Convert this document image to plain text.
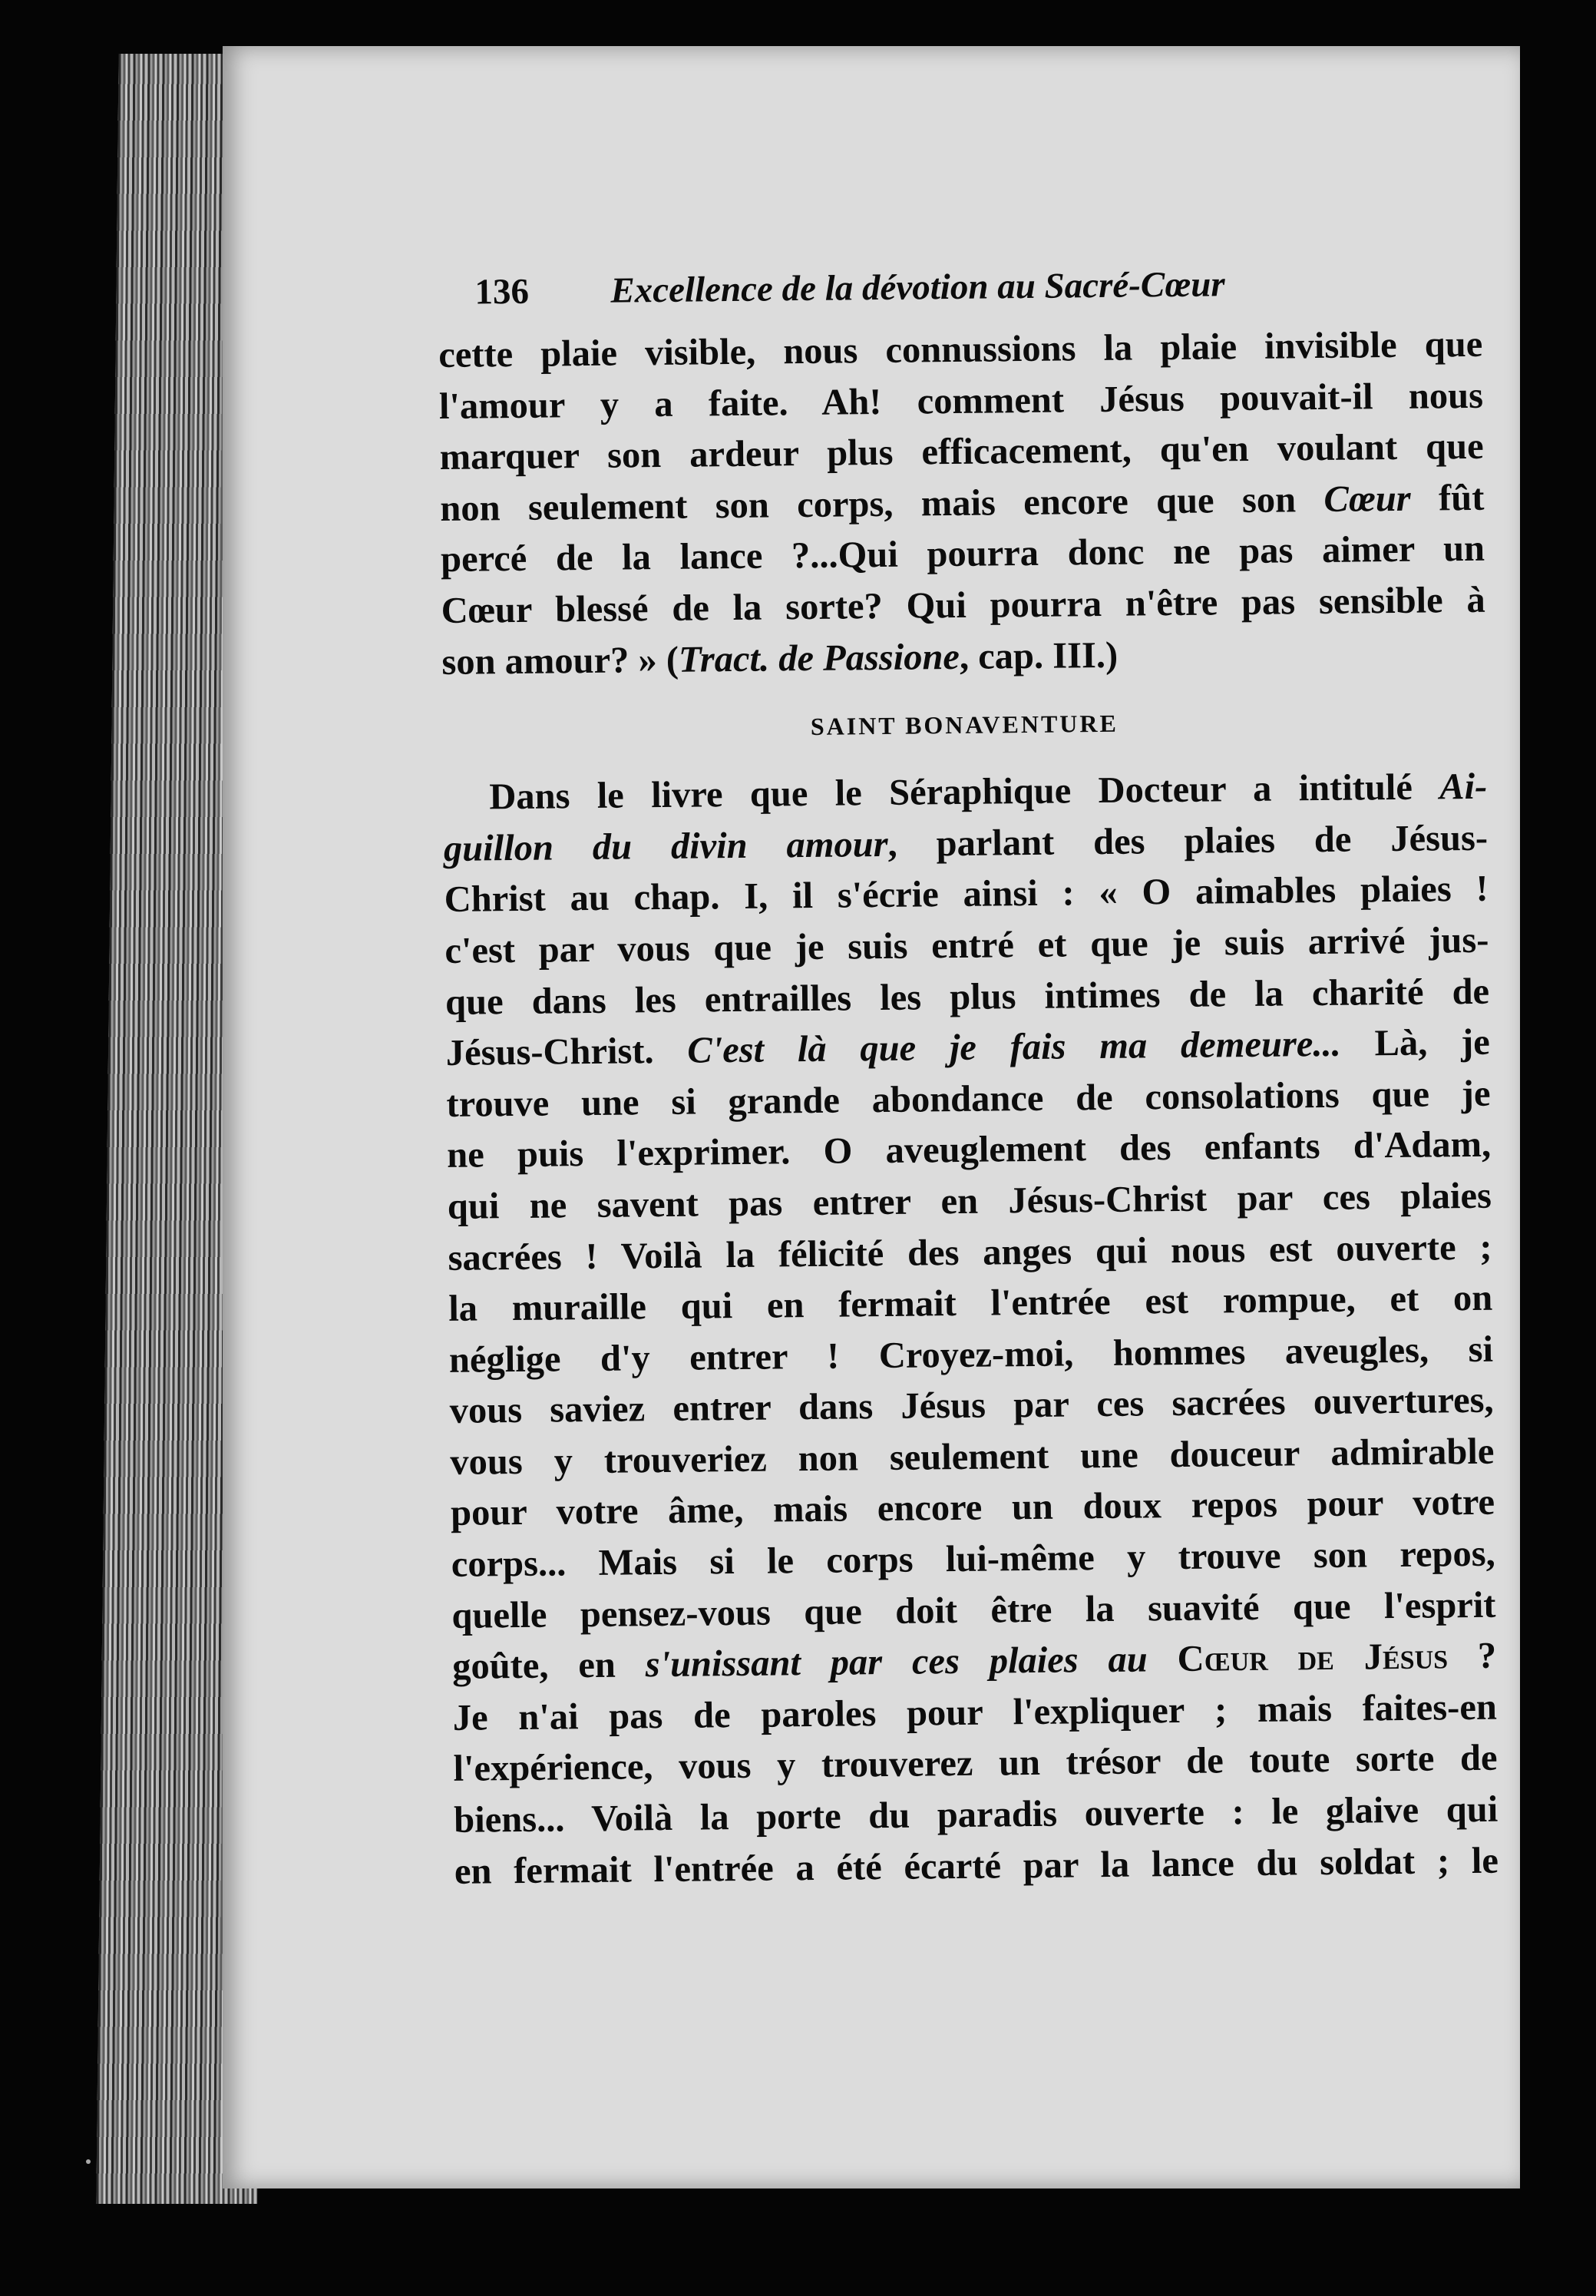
136 Excellence de la dévotion au Sacré-Cœur
cette plaie visible, nous connussions la plaie invisible que
l'amour y a faite. Ah! comment Jésus pouvait-il nous
marquer son ardeur plus efficacement, qu'en voulant que
non seulement son corps, mais encore que son Cœur fût
percé de la lance ?...Qui pourra donc ne pas aimer un
Cœur blessé de la sorte? Qui pourra n'être pas sensible à
son amour? » (Tract. de Passione, cap. III.)
SAINT BONAVENTURE
Dans le livre que le Séraphique Docteur a intitulé Ai-
guillon du divin amour, parlant des plaies de Jésus-
Christ au chap. I, il s'écrie ainsi : « O aimables plaies !
c'est par vous que je suis entré et que je suis arrivé jus-
que dans les entrailles les plus intimes de la charité de
Jésus-Christ. C'est là que je fais ma demeure... Là, je
trouve une si grande abondance de consolations que je
ne puis l'exprimer. O aveuglement des enfants d'Adam,
qui ne savent pas entrer en Jésus-Christ par ces plaies
sacrées ! Voilà la félicité des anges qui nous est ouverte ;
la muraille qui en fermait l'entrée est rompue, et on
néglige d'y entrer ! Croyez-moi, hommes aveugles, si
vous saviez entrer dans Jésus par ces sacrées ouvertures,
vous y trouveriez non seulement une douceur admirable
pour votre âme, mais encore un doux repos pour votre
corps... Mais si le corps lui-même y trouve son repos,
quelle pensez-vous que doit être la suavité que l'esprit
goûte, en s'unissant par ces plaies au Cœur de Jésus ?
Je n'ai pas de paroles pour l'expliquer ; mais faites-en
l'expérience, vous y trouverez un trésor de toute sorte de
biens... Voilà la porte du paradis ouverte : le glaive qui
en fermait l'entrée a été écarté par la lance du soldat ; le
